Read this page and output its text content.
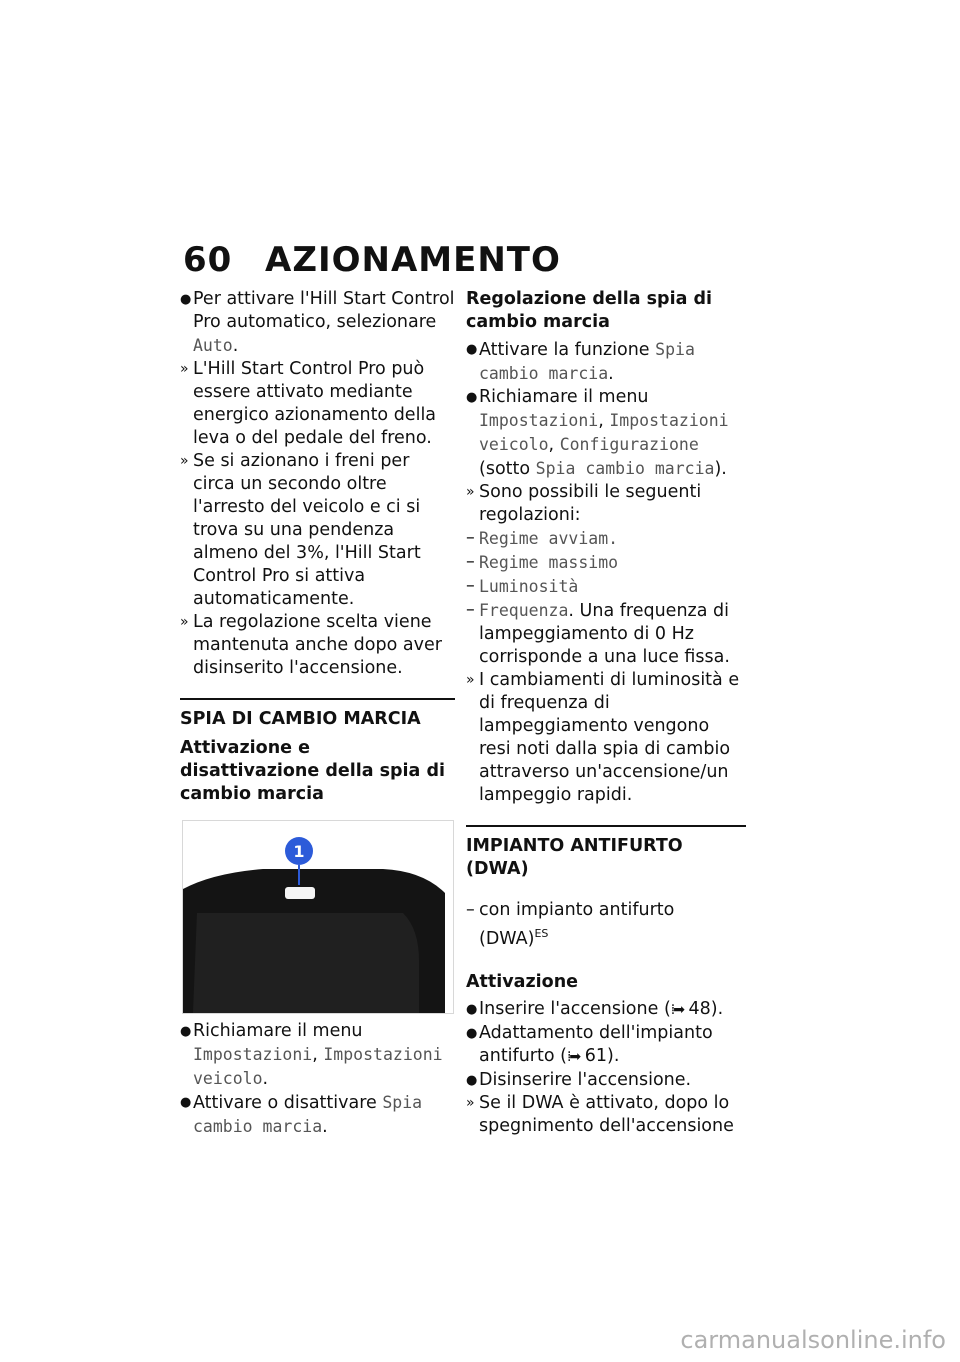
60 AZIONAMENTO
● Per attivare l'Hill Start Control Pro automatico, selezionare Auto.
» L'Hill Start Control Pro può essere attivato mediante energico azionamento della leva o del pedale del freno.
» Se si azionano i freni per circa un secondo oltre l'arresto del veicolo e ci si trova su una pendenza almeno del 3%, l'Hill Start Control Pro si attiva automaticamente.
» La regolazione scelta viene mantenuta anche dopo aver disinserito l'accensione.
SPIA DI CAMBIO MARCIA
Attivazione e disattivazione della spia di cambio marcia
1
● Richiamare il menu Impostazioni, Impostazioni veicolo.
● Attivare o disattivare Spia cambio marcia.
Regolazione della spia di cambio marcia
● Attivare la funzione Spia cambio marcia.
● Richiamare il menu Impostazioni, Impostazioni veicolo, Configurazione (sotto Spia cambio marcia).
» Sono possibili le seguenti regolazioni:
– Regime avviam.
– Regime massimo
– Luminosità
– Frequenza. Una frequenza di lampeggiamento di 0 Hz corrisponde a una luce fissa.
» I cambiamenti di luminosità e di frequenza di lampeggiamento vengono resi noti dalla spia di cambio attraverso un'accensione/un lampeggio rapidi.
IMPIANTO ANTIFURTO (DWA)
– con impianto antifurto (DWA)$^{ES}$
Attivazione
● Inserire l'accensione (⁞➡ 48).
● Adattamento dell'impianto antifurto (⁞➡ 61).
● Disinserire l'accensione.
» Se il DWA è attivato, dopo lo spegnimento dell'accensione
carmanualsonline.info
